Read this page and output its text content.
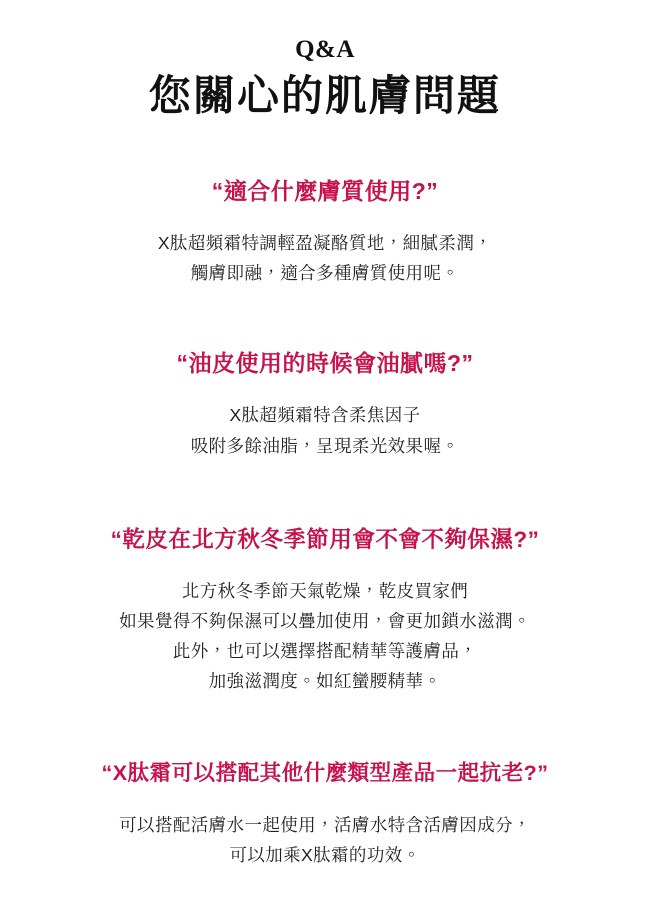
Q&A
您關心的肌膚問題

“適合什麼膚質使用?”

X肽超頻霜特調輕盈凝酪質地，細膩柔潤，
觸膚即融，適合多種膚質使用呢。

“油皮使用的時候會油膩嗎?”

X肽超頻霜特含柔焦因子
吸附多餘油脂，呈現柔光效果喔。

“乾皮在北方秋冬季節用會不會不夠保濕?”

北方秋冬季節天氣乾燥，乾皮買家們
如果覺得不夠保濕可以疊加使用，會更加鎖水滋潤。
此外，也可以選擇搭配精華等護膚品，
加強滋潤度。如紅蠻腰精華。

“X肽霜可以搭配其他什麼類型產品一起抗老?”

可以搭配活膚水一起使用，活膚水特含活膚因成分，
可以加乘X肽霜的功效。
